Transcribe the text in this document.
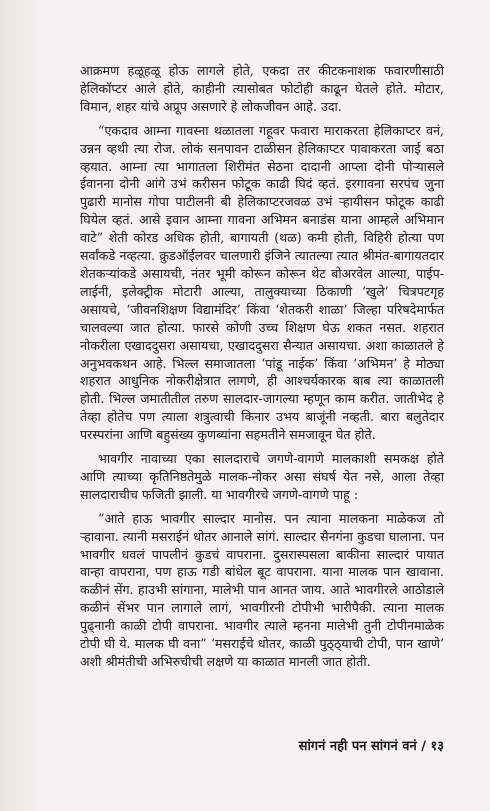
आक्रमण हळूहळू होऊ लागले होते, एकदा तर कीटकनाशक फवारणीसाठी हेलिकॉप्टर आले होते, काहीनी त्यासोबत फोटोही काढून घेतले होते. मोटार, विमान, शहर यांचे अप्रूप असणारे हे लोकजीवन आहे. उदा.

“एकदाव आम्ना गावस्ना थळातला गहूवर फवारा माराकरता हेलिकाप्टर वनं, उन्नन व्हथी त्या रोज. लोकं सनपावन टाळीसन हेलिकाप्टर पावाकरता जाई बठा व्हयात. आम्ना त्या भागातला शिरीमंत सेठना दादानी आप्ला दोनी पोऱ्यासले ईवानना दोनी आंगे उभं करीसन फोटूक काढी घिदं व्हतं. इरगावना सरपंच जुना पुढारी मानोस गोपा पाटीलनी बी हेलिकाप्टरजवळ उभं ऱ्हायीसन फोटूक काढी घियेल व्हतं. आसे इवान आम्ना गावना अभिमन बनाडंस याना आम्हले अभिमान वाटे” शेती कोरड अधिक होती, बागायती (थळ) कमी होती, विहिरी होत्या पण सर्वांकडे नव्हत्या. क्रुडऑईलवर चालणारी इंजिने त्यातल्या त्यात श्रीमंत-बागायतदार शेतकऱ्यांकडे असायची, नंतर भूमी कोरून कोरून थेट बोअरवेल आल्या, पाईप-लाईनी, इलेक्ट्रीक मोटारी आल्या, तालुक्याच्या ठिकाणी ‘खुले’ चित्रपटगृह असायचे, ‘जीवनशिक्षण विद्यामंदिर’ किंवा ‘शेतकरी शाळा’ जिल्हा परिषदेमार्फत चालवल्या जात होत्या. फारसे कोणी उच्च शिक्षण घेऊ शकत नसत. शहरात नोकरीला एखाददुसरा असायचा, एखाददुसरा सैन्यात असायचा. अशा काळातले हे अनुभवकथन आहे. भिल्ल समाजातला ‘पांडू नाईक’ किंवा ‘अभिमन’ हे मोठ्या शहरात आधुनिक नोकरीक्षेत्रात लागणे, ही आश्चर्यकारक बाब त्या काळातली होती. भिल्ल जमातीतील तरुण सालदार-जागल्या म्हणून काम करीत. जातीभेद हे तेव्हा होतेच पण त्याला शत्रुत्वाची किनार उभय बाजूंनी नव्हती. बारा बलुतेदार परस्परांना आणि बहुसंख्य कुणब्यांना सहमतीने समजावून घेत होते.

भावगीर नावाच्या एका सालदाराचे जगणे-वागणे मालकाशी समकक्ष होते आणि त्याच्या कृतिनिष्ठतेमुळे मालक-नोकर असा संघर्ष येत नसे, आला तेव्हा सालदाराचीच फजिती झाली. या भावगीरचे जगणे-वागणे पाहू :

“आते हाऊ भावगीर साल्दार मानोस. पन त्याना मालकना माळेकज तो ऱ्हावाना. त्यानी मसराईनं धोतर आनाले सांगं. साल्दार सैनगंना कुडचा घालाना. पन भावगीर धवलं पापलीनं कुडचं वापराना. दुसरास्पसला बाकीना साल्दारं पायात वान्हा वापराना, पण हाऊ गडी बांधेल बूट वापराना. याना मालक पान खावाना. कळीनं सेंग. हाउभी सांगाना, मालेभी पान आनत जाय. आते भावगीरले आठोडाले कळीनं सेंभर पान लागाले लागं, भावगीरनी टोपीभी भारीपैकी. त्याना मालक पुढ्नानी काळी टोपी वापराना. भावगीर त्याले म्हनना मालेभी तुनी टोपीनमाळेक टोपी घी ये. मालक घी वना” ‘मसराईचे धोतर, काळी पुठ्ठ्याची टोपी, पान खाणे’ अशी श्रीमंतीची अभिरुचीची लक्षणे या काळात मानली जात होती.

सांगनं नही पन सांगनं वनं / १३
